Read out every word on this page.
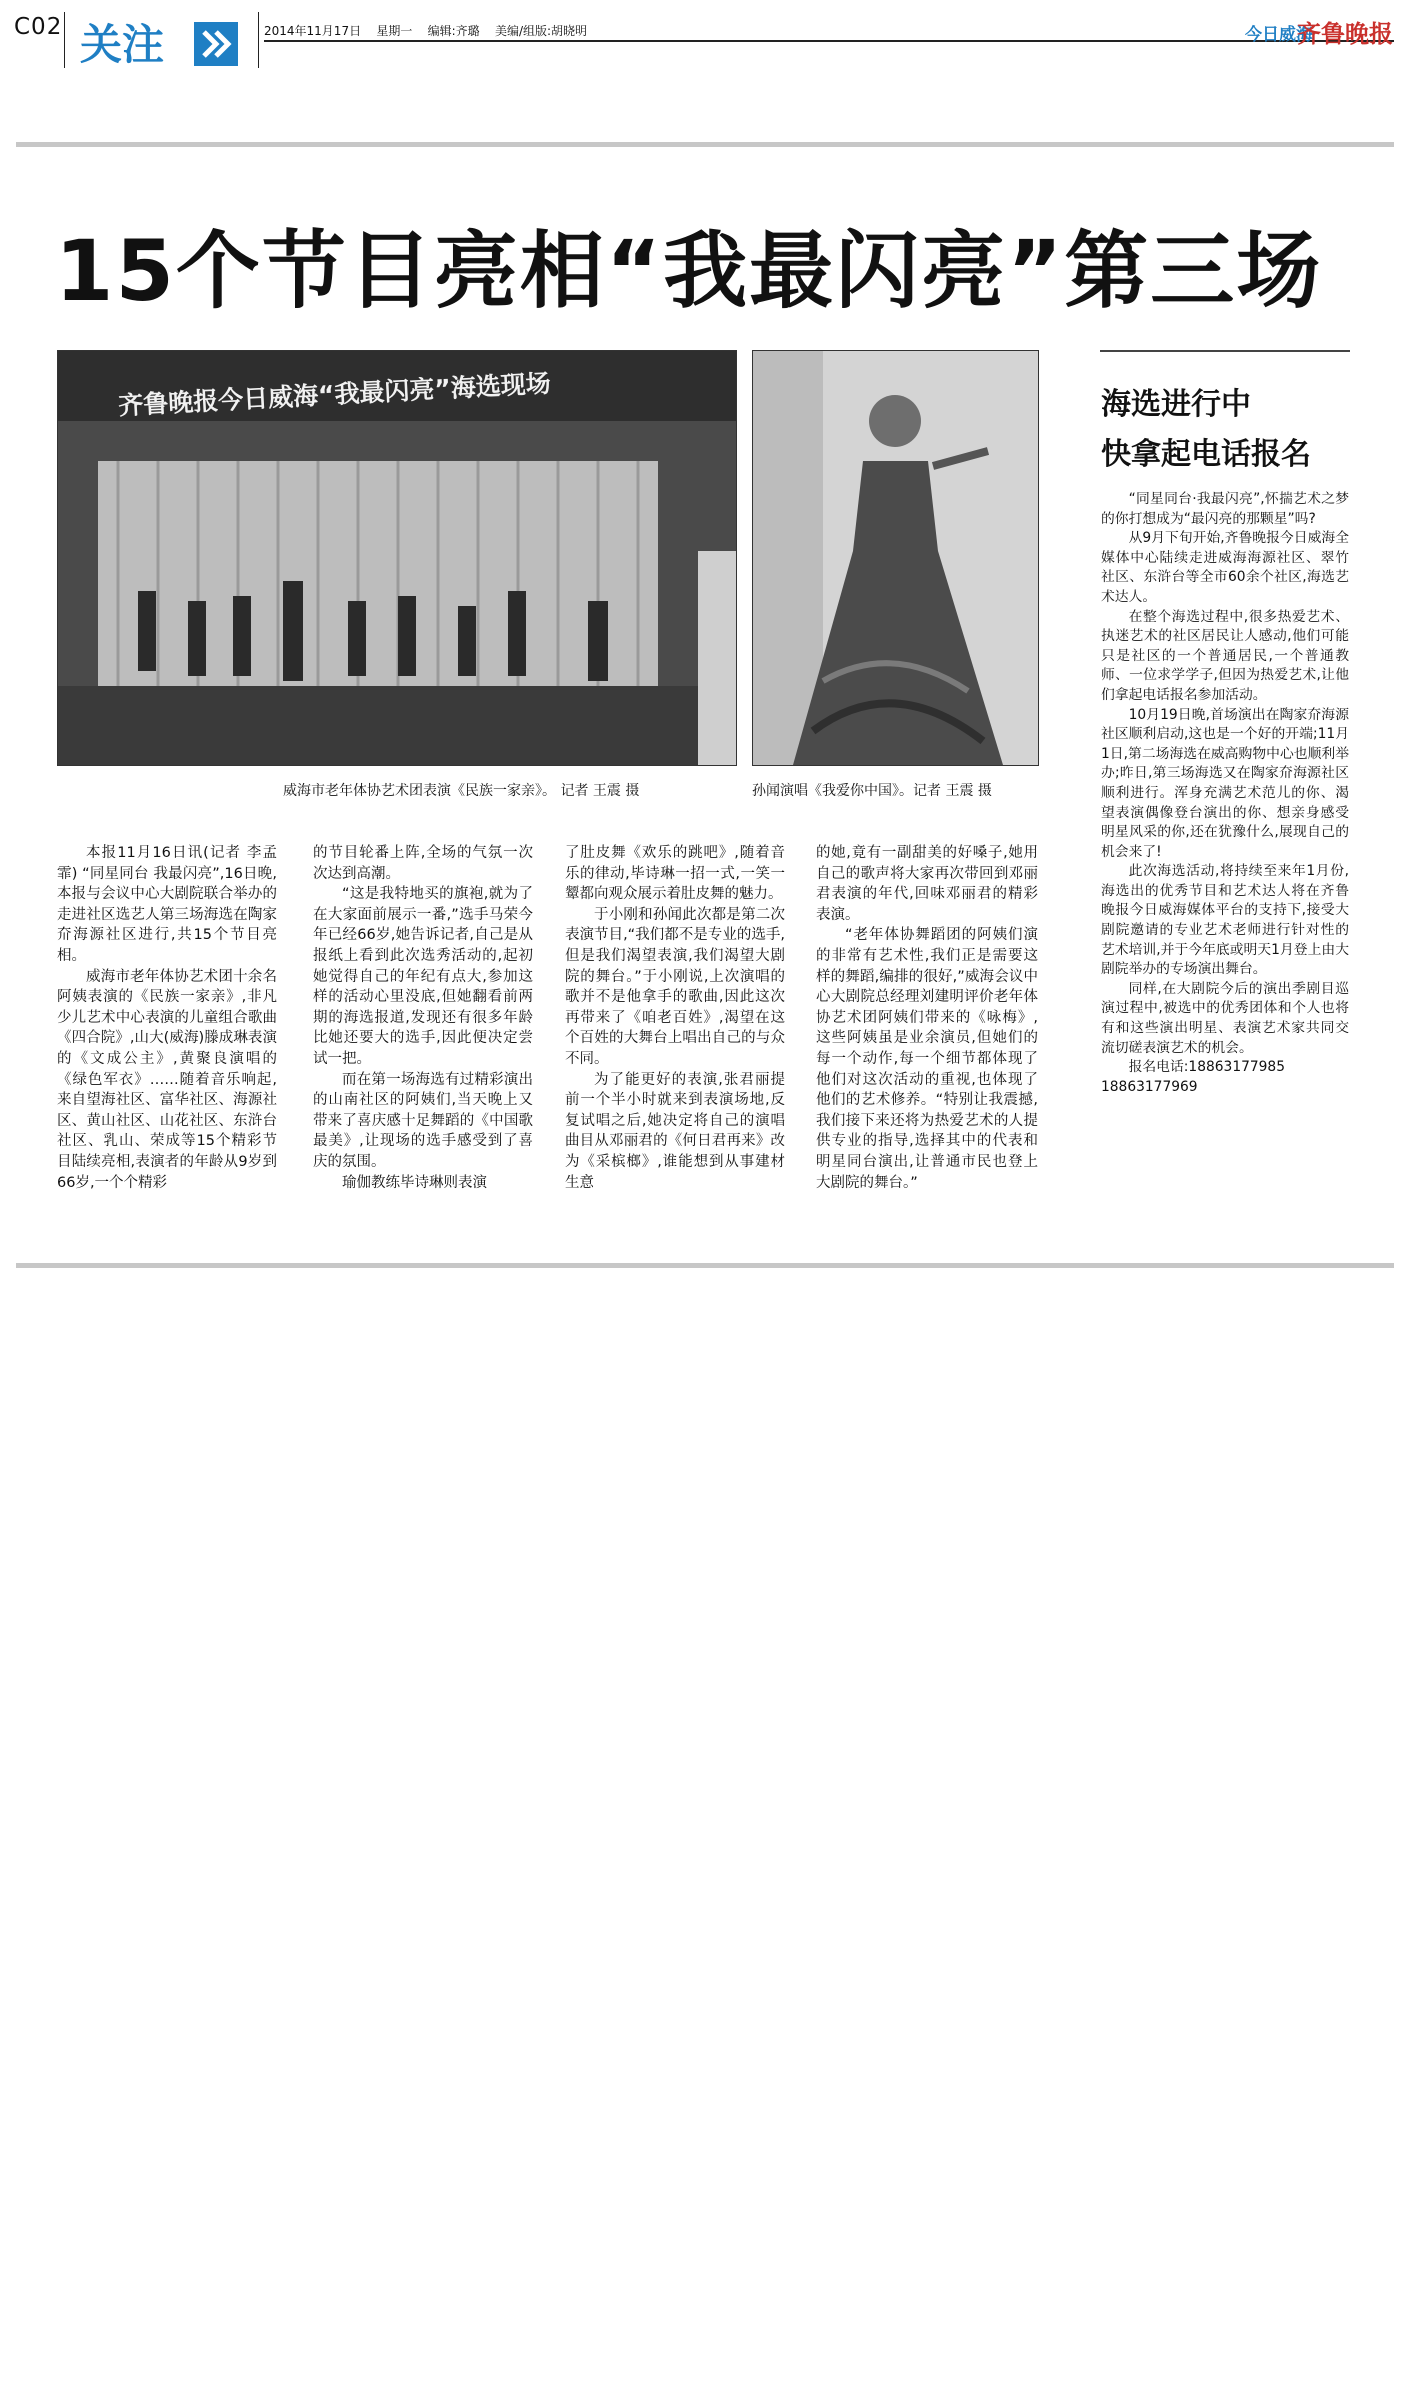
C02 关注	2014年11月17日 星期一 编辑:齐璐 美编/组版:胡晓明	今日威海
齐鲁晚报
15个节目亮相“我最闪亮”第三场
齐鲁晚报今日威海“我最闪亮”海选现场
威海市老年体协艺术团表演《民族一家亲》。 记者 王震 摄	孙闻演唱《我爱你中国》。记者 王震 摄

本报11月16日讯(记者 李孟霏) “同星同台 我最闪亮”,16日晚,本报与会议中心大剧院联合举办的走进社区选艺人第三场海选在陶家夼海源社区进行,共15个节目亮相。

威海市老年体协艺术团十余名阿姨表演的《民族一家亲》,非凡少儿艺术中心表演的儿童组合歌曲《四合院》,山大(威海)滕成琳表演的《文成公主》,黄聚良演唱的《绿色军衣》……随着音乐响起,来自望海社区、富华社区、海源社区、黄山社区、山花社区、东浒台社区、乳山、荣成等15个精彩节目陆续亮相,表演者的年龄从9岁到66岁,一个个精彩

的节目轮番上阵,全场的气氛一次次达到高潮。

“这是我特地买的旗袍,就为了在大家面前展示一番,”选手马荣今年已经66岁,她告诉记者,自己是从报纸上看到此次选秀活动的,起初她觉得自己的年纪有点大,参加这样的活动心里没底,但她翻看前两期的海选报道,发现还有很多年龄比她还要大的选手,因此便决定尝试一把。

而在第一场海选有过精彩演出的山南社区的阿姨们,当天晚上又带来了喜庆感十足舞蹈的《中国歌最美》,让现场的选手感受到了喜庆的氛围。

瑜伽教练毕诗琳则表演

了肚皮舞《欢乐的跳吧》,随着音乐的律动,毕诗琳一招一式,一笑一颦都向观众展示着肚皮舞的魅力。

于小刚和孙闻此次都是第二次表演节目,“我们都不是专业的选手,但是我们渴望表演,我们渴望大剧院的舞台。”于小刚说,上次演唱的歌并不是他拿手的歌曲,因此这次再带来了《咱老百姓》,渴望在这个百姓的大舞台上唱出自己的与众不同。

为了能更好的表演,张君丽提前一个半小时就来到表演场地,反复试唱之后,她决定将自己的演唱曲目从邓丽君的《何日君再来》改为《采槟榔》,谁能想到从事建材生意

的她,竟有一副甜美的好嗓子,她用自己的歌声将大家再次带回到邓丽君表演的年代,回味邓丽君的精彩表演。

“老年体协舞蹈团的阿姨们演的非常有艺术性,我们正是需要这样的舞蹈,编排的很好,”威海会议中心大剧院总经理刘建明评价老年体协艺术团阿姨们带来的《咏梅》,这些阿姨虽是业余演员,但她们的每一个动作,每一个细节都体现了他们对这次活动的重视,也体现了他们的艺术修养。“特别让我震撼,我们接下来还将为热爱艺术的人提供专业的指导,选择其中的代表和明星同台演出,让普通市民也登上大剧院的舞台。”

海选进行中
快拿起电话报名

“同星同台·我最闪亮”,怀揣艺术之梦的你打想成为“最闪亮的那颗星”吗?

从9月下旬开始,齐鲁晚报今日威海全媒体中心陆续走进威海海源社区、翠竹社区、东浒台等全市60余个社区,海选艺术达人。

在整个海选过程中,很多热爱艺术、执迷艺术的社区居民让人感动,他们可能只是社区的一个普通居民,一个普通教师、一位求学学子,但因为热爱艺术,让他们拿起电话报名参加活动。

10月19日晚,首场演出在陶家夼海源社区顺利启动,这也是一个好的开端;11月1日,第二场海选在威高购物中心也顺利举办;昨日,第三场海选又在陶家夼海源社区顺利进行。浑身充满艺术范儿的你、渴望表演偶像登台演出的你、想亲身感受明星风采的你,还在犹豫什么,展现自己的机会来了!

此次海选活动,将持续至来年1月份,海选出的优秀节目和艺术达人将在齐鲁晚报今日威海媒体平台的支持下,接受大剧院邀请的专业艺术老师进行针对性的艺术培训,并于今年底或明天1月登上由大剧院举办的专场演出舞台。

同样,在大剧院今后的演出季剧目巡演过程中,被选中的优秀团体和个人也将有和这些演出明星、表演艺术家共同交流切磋表演艺术的机会。

报名电话:18863177985

18863177969
